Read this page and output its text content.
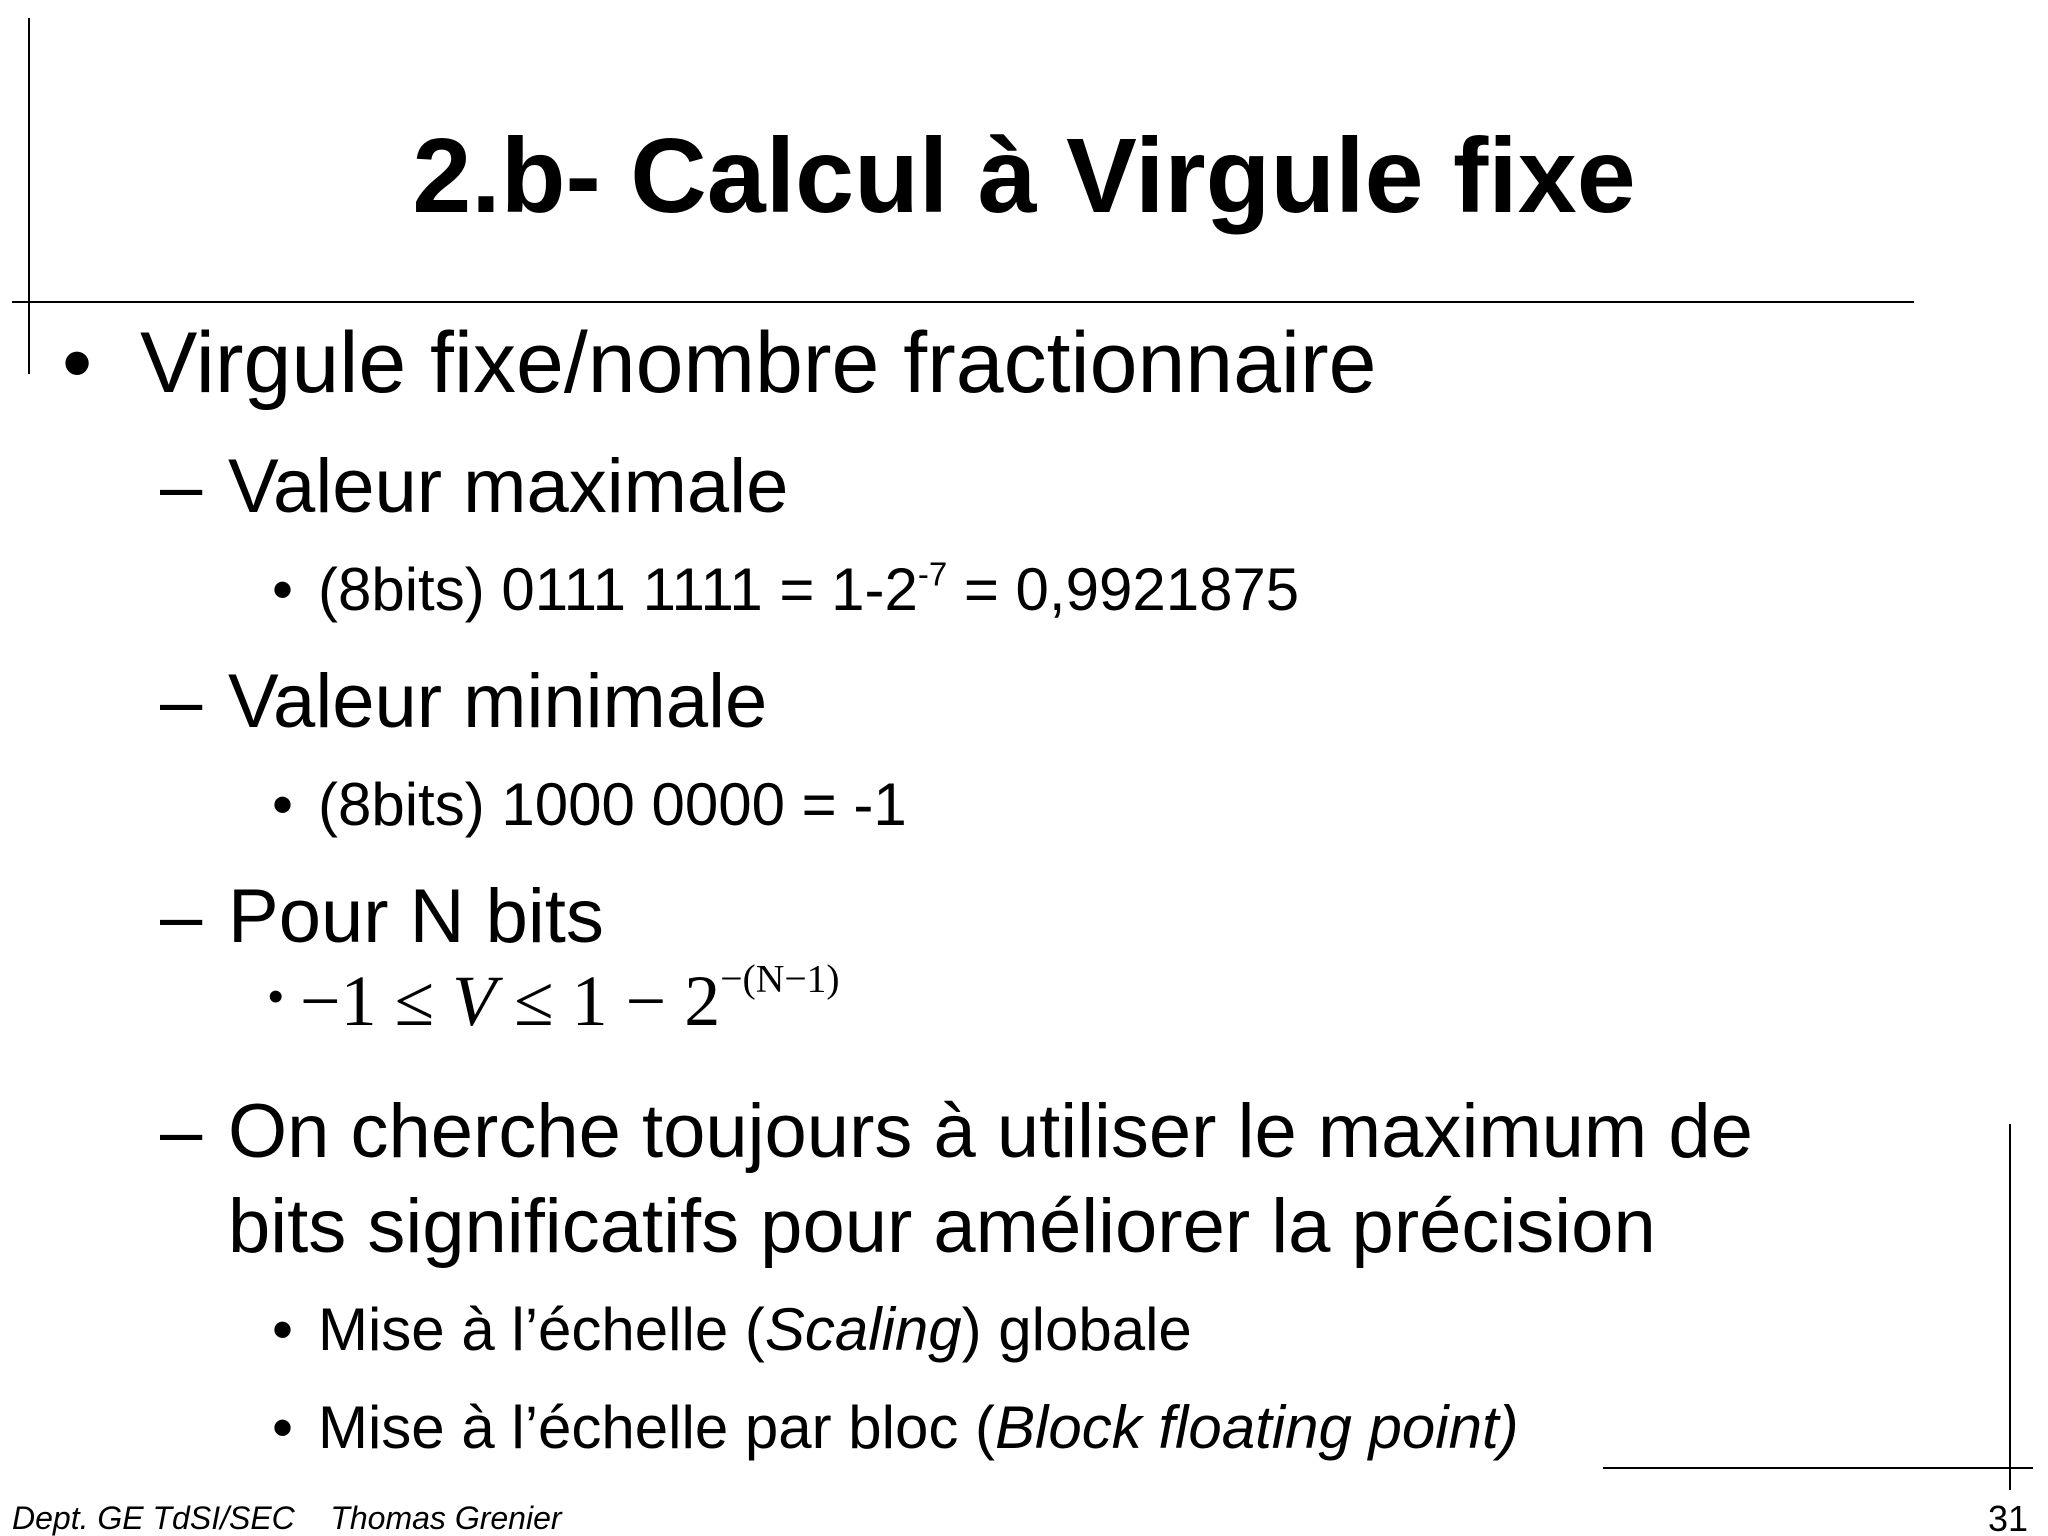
2.b- Calcul à Virgule fixe
• Virgule fixe/nombre fractionnaire
– Valeur maximale
• (8bits) 0111 $1111 = 1-2^{-7} = 0,9921875$
– Valeur minimale
• (8bits) 1000 0000 = -1
– Pour N bits
• $-1 \le V \le 1 - 2^{-(N-1)}$
– On cherche toujours à utiliser le maximum de
bits significatifs pour améliorer la précision
• Mise à l’échelle (Scaling) globale
• Mise à l’échelle par bloc (Block floating point)
Dept. GE TdSI/SEC    Thomas Grenier	31
